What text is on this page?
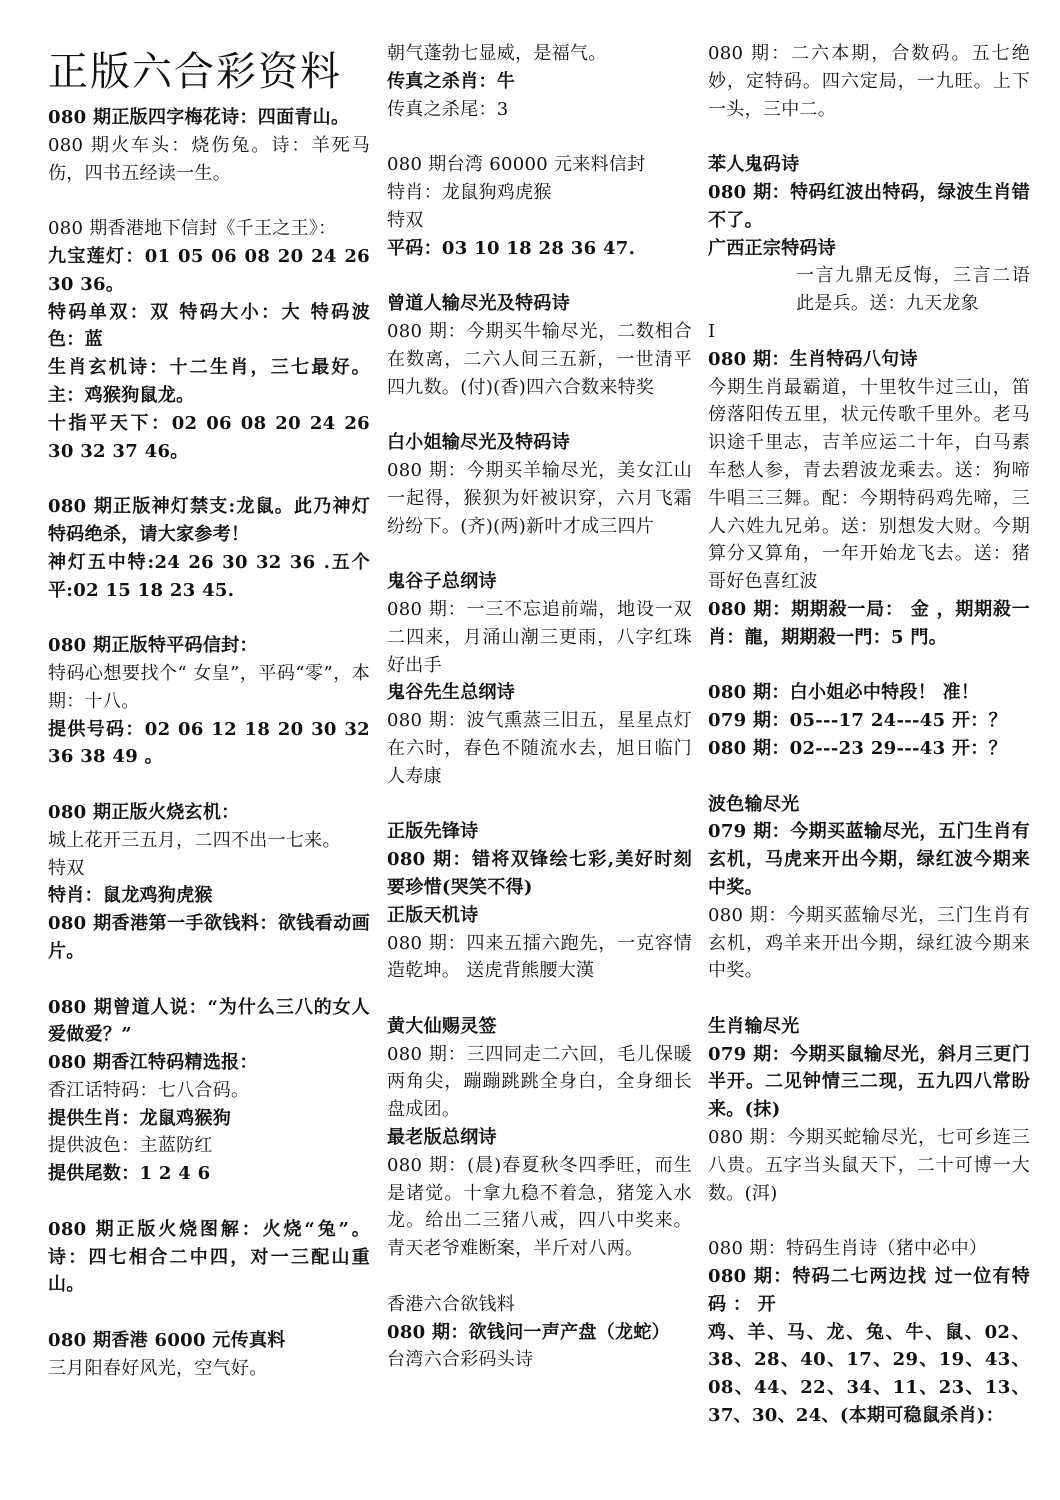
正版六合彩资料
080 期正版四字梅花诗：四面青山。
080 期火车头：烧伤兔。诗：羊死马伤，四书五经读一生。
080 期香港地下信封《千王之王》：
九宝莲灯：01 05 06 08 20 24 26 30 36。
特码单双：双 特码大小：大 特码波色：蓝
生肖玄机诗：十二生肖，三七最好。主：鸡猴狗鼠龙。
十指平天下：02 06 08 20 24 26 30 32 37 46。
080 期正版神灯禁支:龙鼠。此乃神灯特码绝杀，请大家参考！
神灯五中特:24 26 30 32 36 .五个平:02 15 18 23 45.
080 期正版特平码信封：
特码心想要找个“ 女皇”，平码“零”，本期：十八。
提供号码：02 06 12 18 20 30 32 36 38 49 。
080 期正版火烧玄机：
城上花开三五月，二四不出一七来。
特双
特肖：鼠龙鸡狗虎猴
080 期香港第一手欲钱料：欲钱看动画片。
080 期曾道人说：“为什么三八的女人爱做爱？”
080 期香江特码精选报：
香江话特码：七八合码。
提供生肖：龙鼠鸡猴狗
提供波色：主蓝防红
提供尾数：1 2 4 6
080 期正版火烧图解：火烧“兔”。诗：四七相合二中四，对一三配山重山。
080 期香港 6000 元传真料
三月阳春好风光，空气好。
朝气蓬勃七显威，是福气。
传真之杀肖：牛
传真之杀尾：3
080 期台湾 60000 元来料信封
特肖：龙鼠狗鸡虎猴
特双
平码：03 10 18 28 36 47.
曾道人输尽光及特码诗
080 期：今期买牛输尽光，二数相合在数离，二六人间三五新，一世清平四九数。(付)(香)四六合数来特奖
白小姐输尽光及特码诗
080 期：今期买羊输尽光，美女江山一起得，猴狈为奸被识穿，六月飞霜纷纷下。(齐)(两)新叶才成三四片
鬼谷子总纲诗
080 期：一三不忘追前端，地设一双二四来，月涌山潮三更雨，八字红珠好出手
鬼谷先生总纲诗
080 期：波气熏蒸三旧五，星星点灯在六时，春色不随流水去，旭日临门人寿康
正版先锋诗
080 期：错将双锋绘七彩,美好时刻要珍惜(哭笑不得)
正版天机诗
080 期：四来五擂六跑先，一克容情造乾坤。 送虎背熊腰大漢
黄大仙赐灵签
080 期：三四同走二六回，毛儿保暖两角尖，蹦蹦跳跳全身白，全身细长盘成团。
最老版总纲诗
080 期：(晨)春夏秋冬四季旺，而生是诸觉。十拿九稳不着急，猪笼入水龙。给出二三猪八戒，四八中奖来。青天老爷难断案，半斤对八两。
香港六合欲钱料
080 期：欲钱问一声产盘（龙蛇）
台湾六合彩码头诗
080 期：二六本期，合数码。五七绝妙，定特码。四六定局，一九旺。上下一头，三中二。
苯人鬼码诗
080 期：特码红波出特码，绿波生肖错不了。
广西正宗特码诗
一言九鼎无反悔，三言二语此是兵。送：九天龙象
I
080 期：生肖特码八句诗
今期生肖最霸道，十里牧牛过三山，笛傍落阳传五里，状元传歌千里外。老马识途千里志，吉羊应运二十年，白马素车愁人参，青去碧波龙乘去。送：狗啼牛唱三三舞。配：今期特码鸡先啼，三人六姓九兄弟。送：别想发大财。今期算分又算角，一年开始龙飞去。送：猪哥好色喜红波
080 期：期期殺一局： 金 ，期期殺一肖：龍，期期殺一門：5 門。
080 期：白小姐必中特段！ 准！
079 期：05---17 24---45 开：？
080 期：02---23 29---43 开：？
波色输尽光
079 期：今期买蓝输尽光，五门生肖有玄机，马虎来开出今期，绿红波今期来中奖。
080 期：今期买蓝输尽光，三门生肖有玄机，鸡羊来开出今期，绿红波今期来中奖。
生肖输尽光
079 期：今期买鼠输尽光，斜月三更门半开。二见钟情三二现，五九四八常盼来。(抹)
080 期：今期买蛇输尽光，七可乡连三八贵。五字当头鼠天下，二十可博一大数。(洱)
080 期：特码生肖诗（猪中必中）
080 期：特码二七两边找 过一位有特码 ： 开
鸡、羊、马、龙、兔、牛、鼠、02、38、28、40、17、29、19、43、08、44、22、34、11、23、13、37、30、24、(本期可稳鼠杀肖)：
